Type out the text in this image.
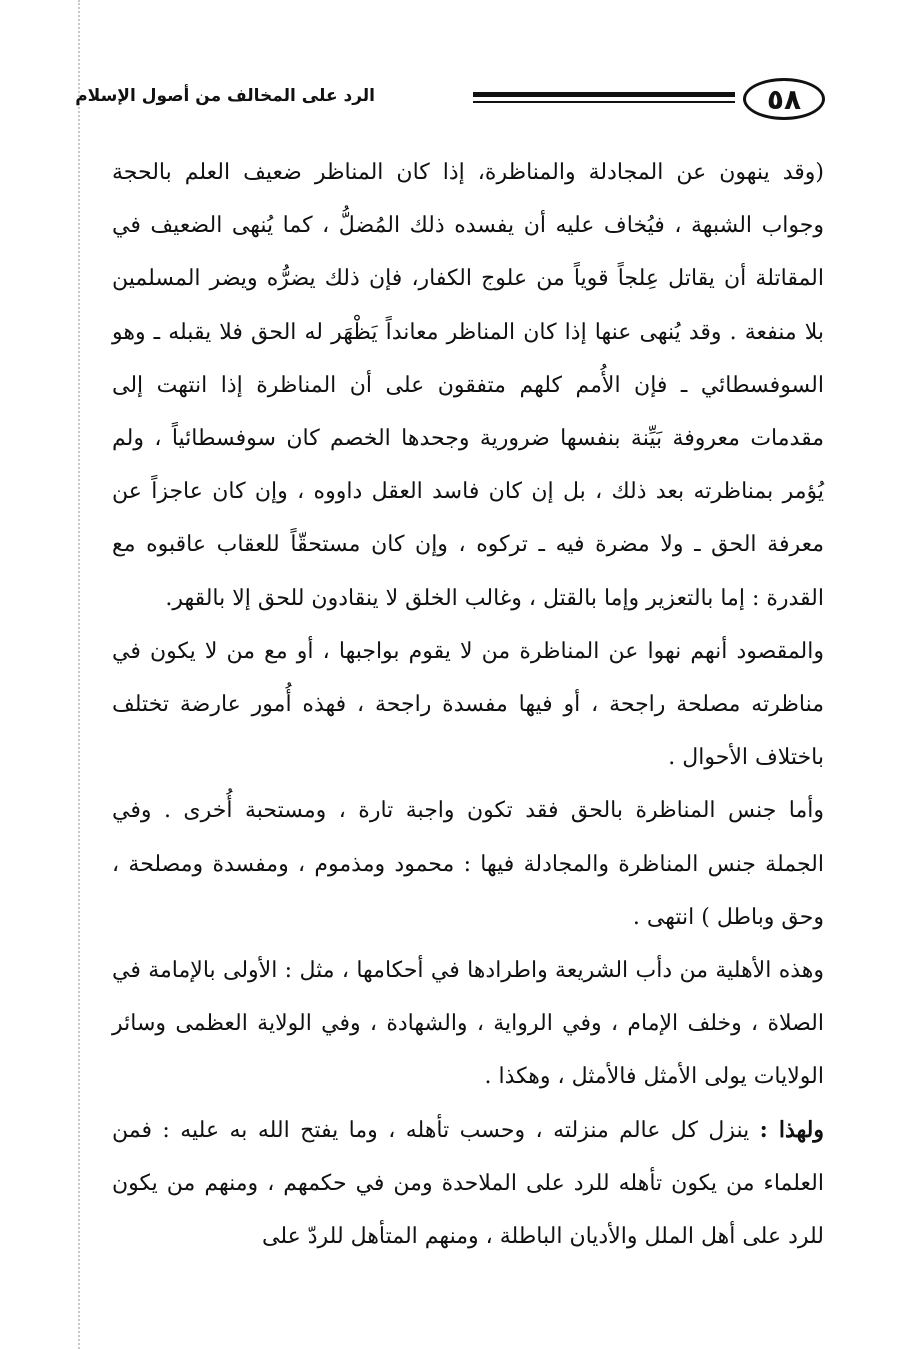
٥٨
الرد على المخالف من أصول الإسلام

(وقد ينهون عن المجادلة والمناظرة، إذا كان المناظر ضعيف العلم بالحجة وجواب الشبهة ، فيُخاف عليه أن يفسده ذلك المُضلُّ ، كما يُنهى الضعيف في المقاتلة أن يقاتل عِلجاً قوياً من علوج الكفار، فإن ذلك يضرُّه ويضر المسلمين بلا منفعة . وقد يُنهى عنها إذا كان المناظر معانداً يَظْهَر له الحق فلا يقبله ـ وهو السوفسطائي ـ فإن الأُمم كلهم متفقون على أن المناظرة إذا انتهت إلى مقدمات معروفة بَيِّنة بنفسها ضرورية وجحدها الخصم كان سوفسطائياً ، ولم يُؤمر بمناظرته بعد ذلك ، بل إن كان فاسد العقل داووه ، وإن كان عاجزاً عن معرفة الحق ـ ولا مضرة فيه ـ تركوه ، وإن كان مستحقّاً للعقاب عاقبوه مع القدرة : إما بالتعزير وإما بالقتل ، وغالب الخلق لا ينقادون للحق إلا بالقهر.

والمقصود أنهم نهوا عن المناظرة من لا يقوم بواجبها ، أو مع من لا يكون في مناظرته مصلحة راجحة ، أو فيها مفسدة راجحة ، فهذه أُمور عارضة تختلف باختلاف الأحوال .

وأما جنس المناظرة بالحق فقد تكون واجبة تارة ، ومستحبة أُخرى . وفي الجملة جنس المناظرة والمجادلة فيها : محمود ومذموم ، ومفسدة ومصلحة ، وحق وباطل ) انتهى .

وهذه الأهلية من دأب الشريعة واطرادها في أحكامها ، مثل : الأولى بالإمامة في الصلاة ، وخلف الإمام ، وفي الرواية ، والشهادة ، وفي الولاية العظمى وسائر الولايات يولى الأمثل فالأمثل ، وهكذا .

ولهذا : ينزل كل عالم منزلته ، وحسب تأهله ، وما يفتح الله به عليه : فمن العلماء من يكون تأهله للرد على الملاحدة ومن في حكمهم ، ومنهم من يكون للرد على أهل الملل والأديان الباطلة ، ومنهم المتأهل للردّ على
